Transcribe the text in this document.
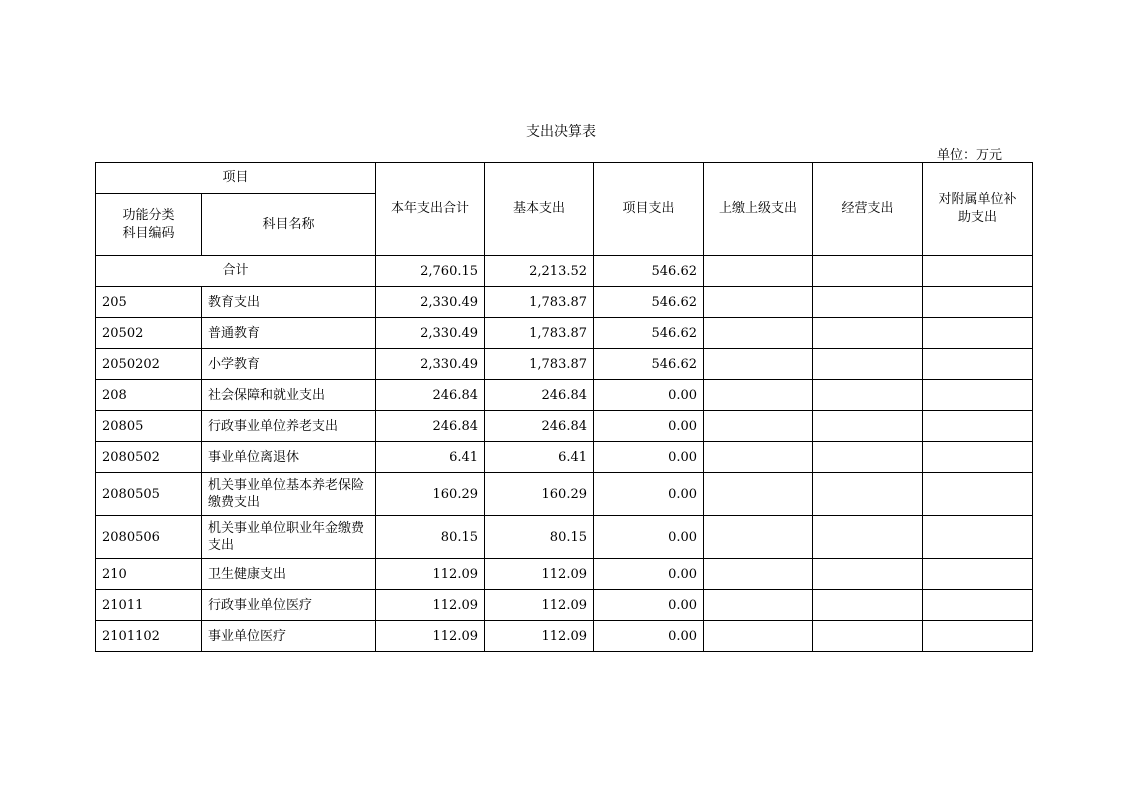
支出决算表
单位：万元
项目		本年支出合计	基本支出	项目支出	上缴上级支出	经营支出	对附属单位补
助支出
功能分类
科目编码	科目名称						
合计		2,760.15	2,213.52	546.62			
205	教育支出	2,330.49	1,783.87	546.62			
20502	普通教育	2,330.49	1,783.87	546.62			
2050202	小学教育	2,330.49	1,783.87	546.62			
208	社会保障和就业支出	246.84	246.84	0.00			
20805	行政事业单位养老支出	246.84	246.84	0.00			
2080502	事业单位离退休	6.41	6.41	0.00			
2080505	机关事业单位基本养老保险缴费支出	160.29	160.29	0.00			
2080506	机关事业单位职业年金缴费支出	80.15	80.15	0.00			
210	卫生健康支出	112.09	112.09	0.00			
21011	行政事业单位医疗	112.09	112.09	0.00			
2101102	事业单位医疗	112.09	112.09	0.00			
